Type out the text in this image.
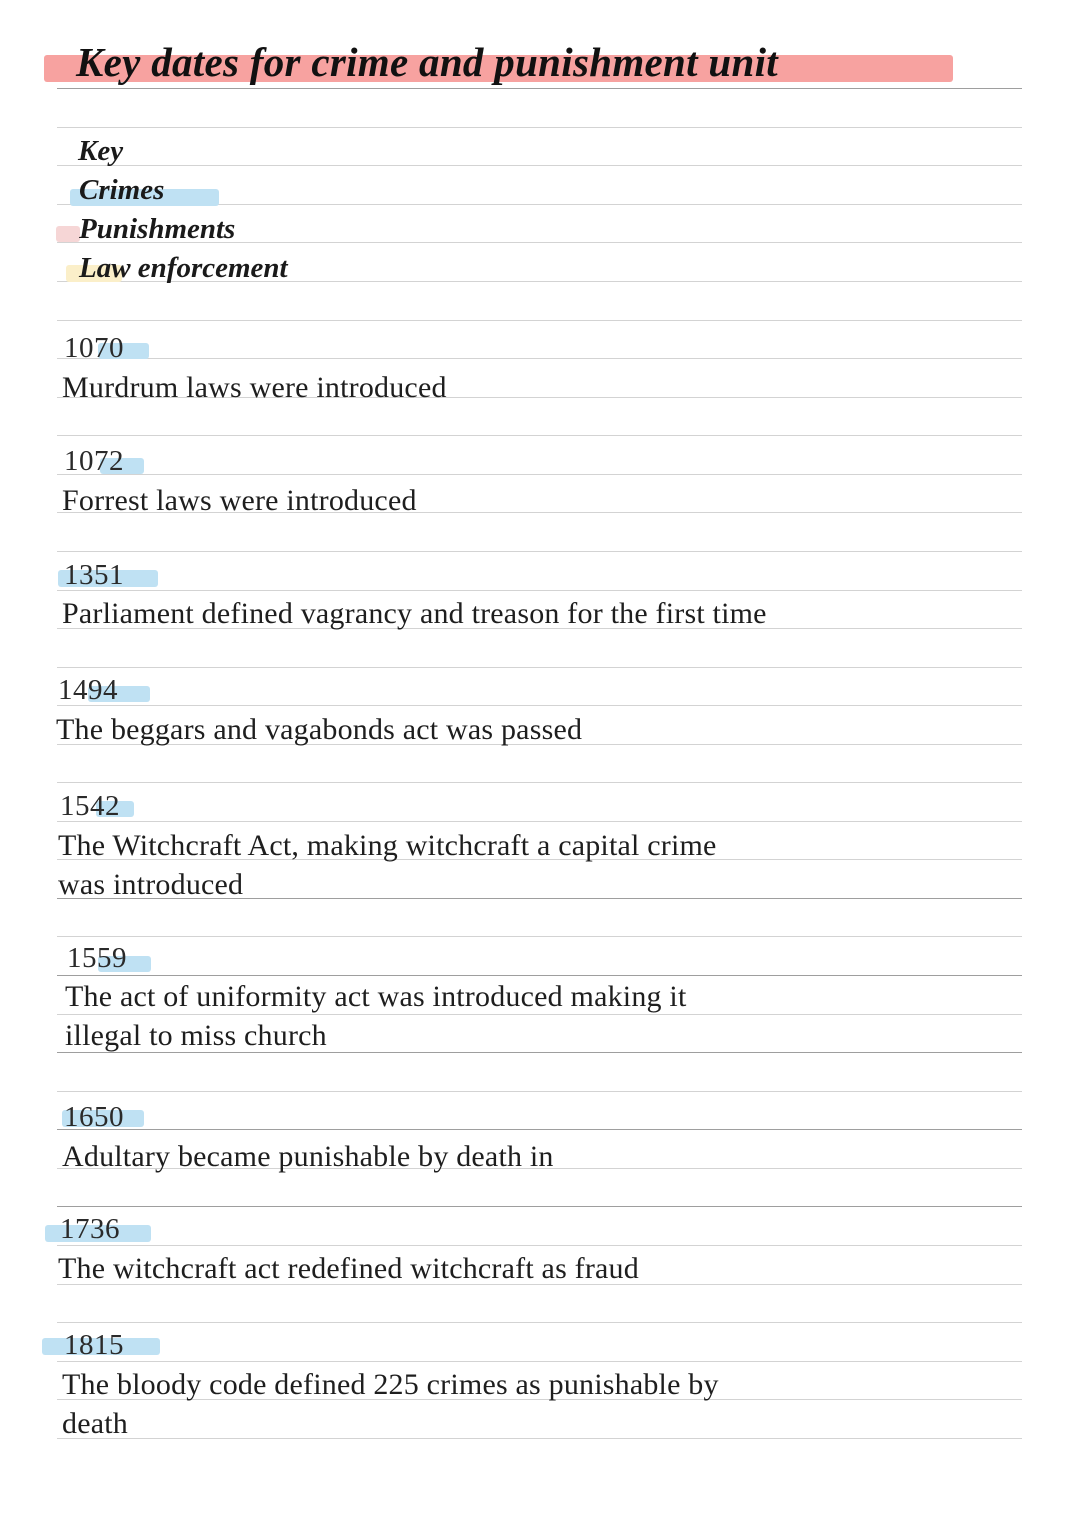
Key dates for crime and punishment unit
Key
Crimes
Punishments
Law enforcement
1070
Murdrum laws were introduced
1072
Forrest laws were introduced
1351
Parliament defined vagrancy and treason for the first time
1494
The beggars and vagabonds act was passed
1542
The Witchcraft Act, making witchcraft a capital crime
was introduced
1559
The act of uniformity act was introduced making it
illegal to miss church
1650
Adultary became punishable by death in
1736
The witchcraft act redefined witchcraft as fraud
1815
The bloody code defined 225 crimes as punishable by
death
